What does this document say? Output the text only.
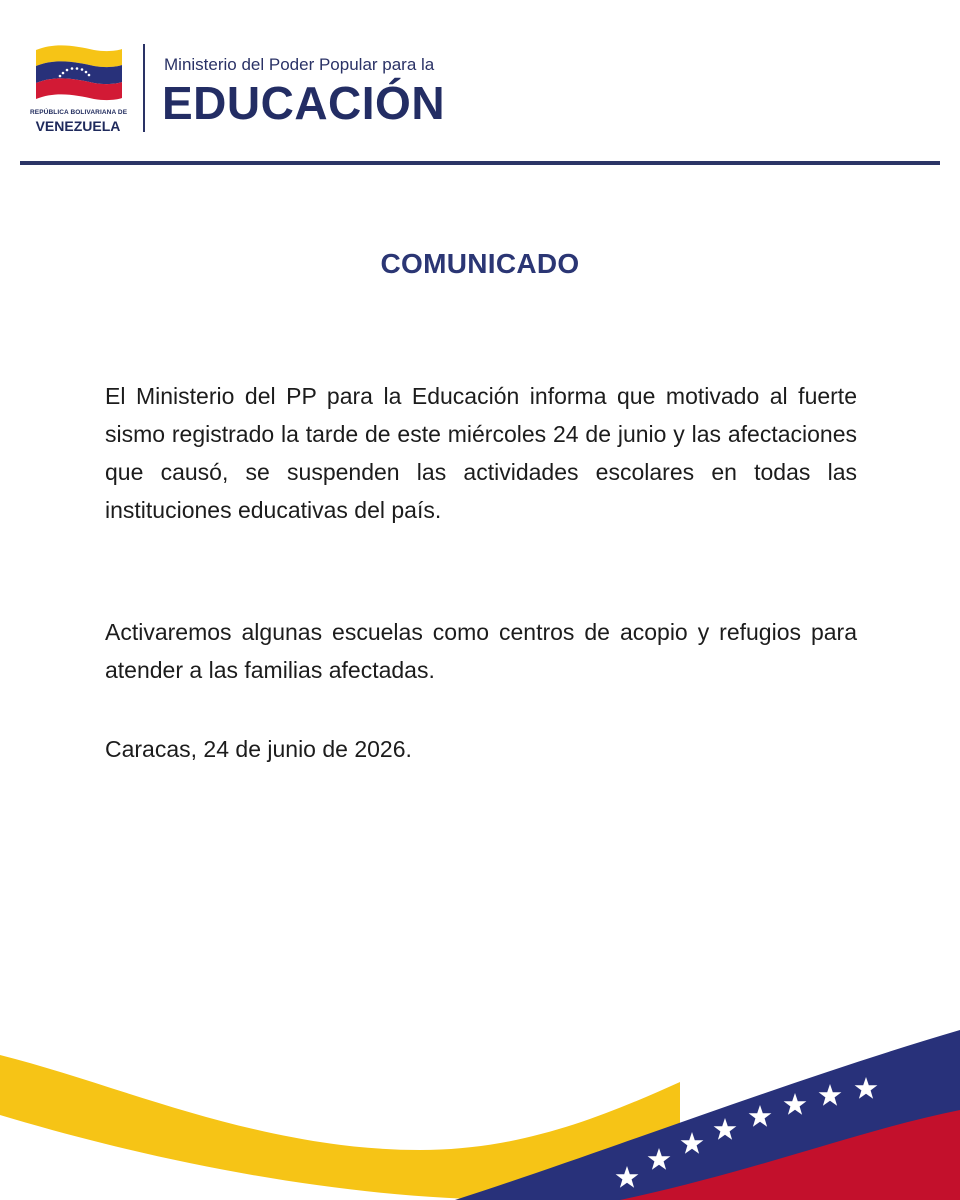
REPÚBLICA BOLIVARIANA DE
VENEZUELA
Ministerio del Poder Popular para la
EDUCACIÓN
COMUNICADO
El Ministerio del PP para la Educación informa que motivado al fuerte sismo registrado la tarde de este miércoles 24 de junio y las afectaciones que causó, se suspenden las actividades escolares en todas las instituciones educativas del país.
Activaremos algunas escuelas como centros de acopio y refugios para atender a las familias afectadas.
Caracas, 24 de junio de 2026.
